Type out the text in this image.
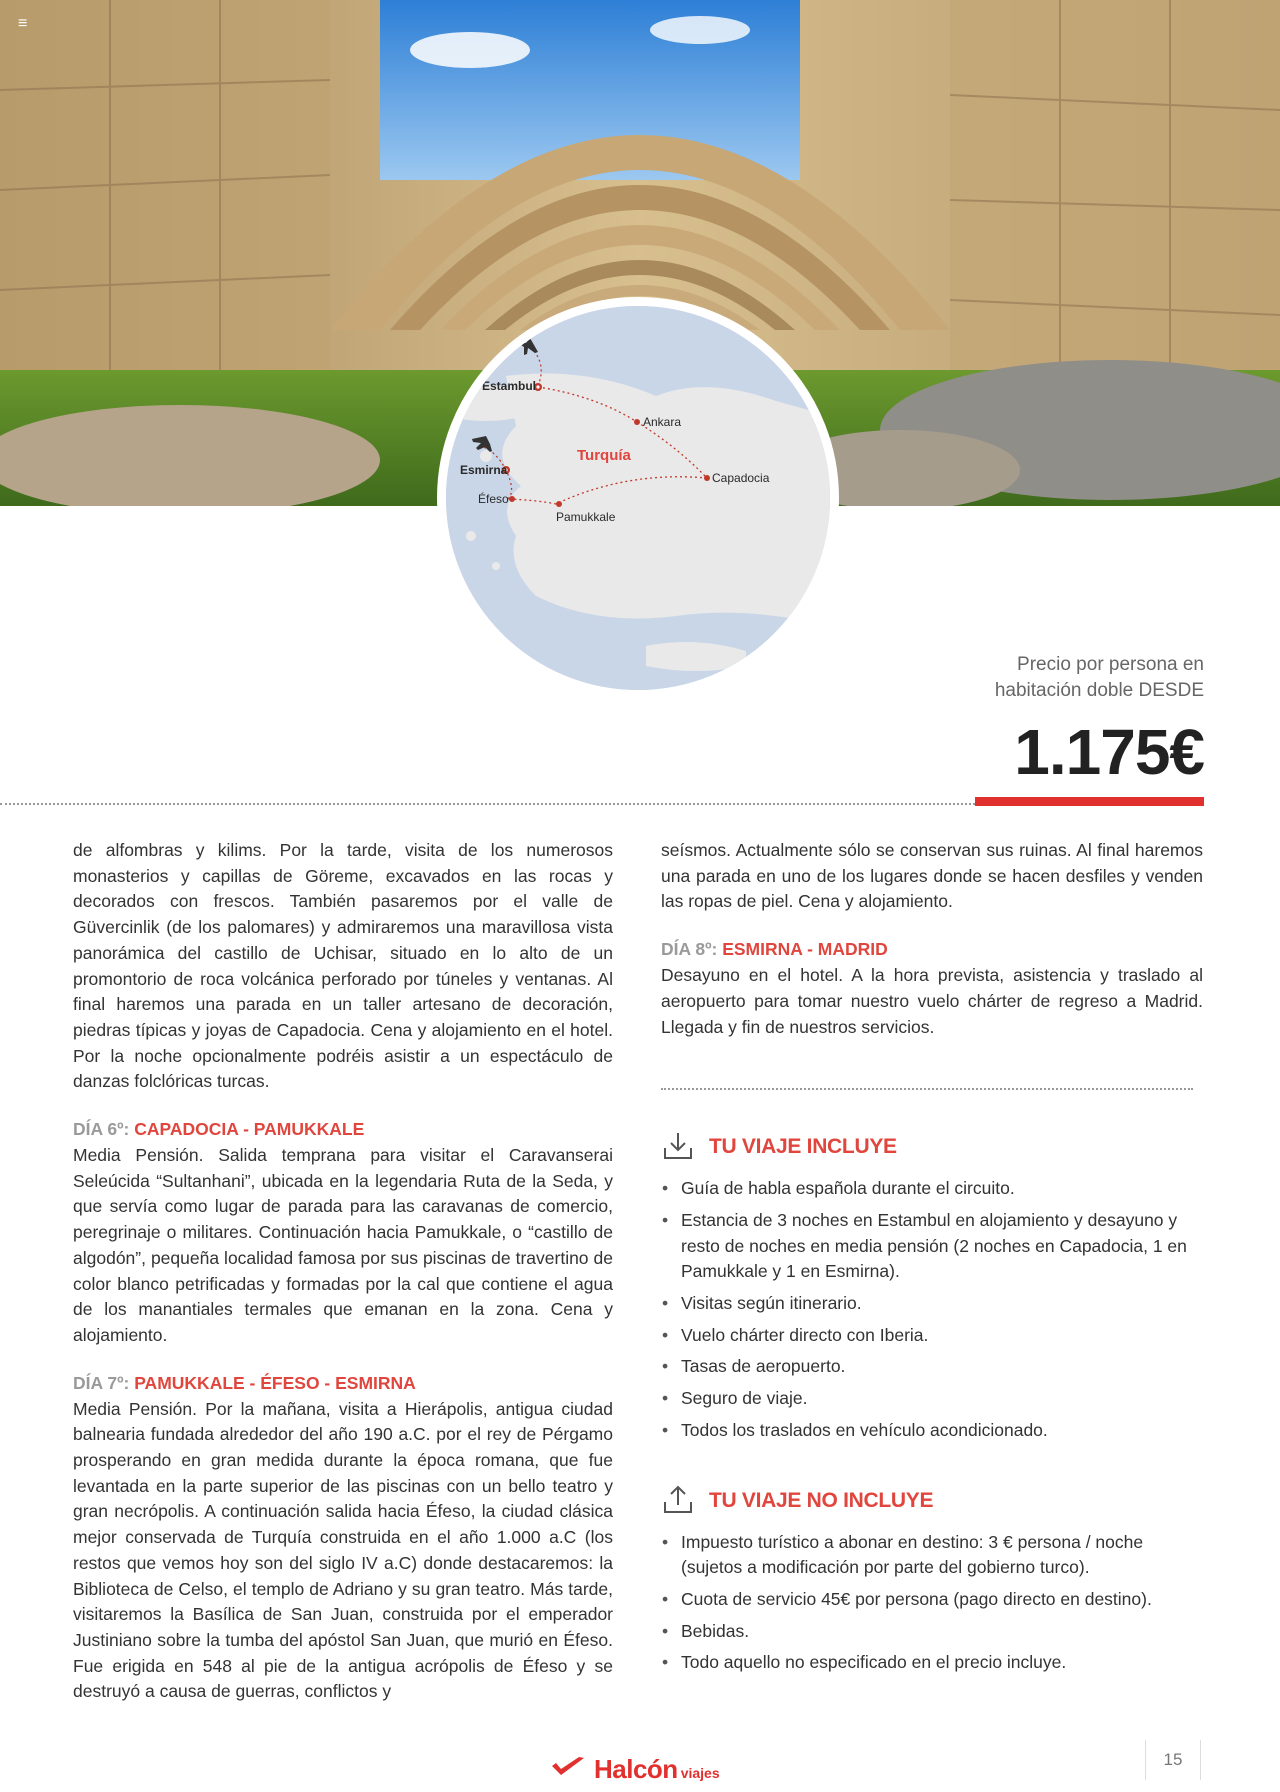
≡
Estambul
Ankara
Turquía
Capadocia
Esmirna
Éfeso
Pamukkale
Precio por persona en
habitación doble DESDE
1.175€

de alfombras y kilims. Por la tarde, visita de los numerosos monasterios y capillas de Göreme, excavados en las rocas y decorados con frescos. También pasaremos por el valle de Güvercinlik (de los palomares) y admiraremos una maravillosa vista panorámica del castillo de Uchisar, situado en lo alto de un promontorio de roca volcánica perforado por túneles y ventanas. Al final haremos una parada en un taller artesano de decoración, piedras típicas y joyas de Capadocia. Cena y alojamiento en el hotel. Por la noche opcionalmente podréis asistir a un espectáculo de danzas folclóricas turcas.

DÍA 6º: CAPADOCIA - PAMUKKALE

Media Pensión. Salida temprana para visitar el Caravanserai Seleúcida “Sultanhani”, ubicada en la legendaria Ruta de la Seda, y que servía como lugar de parada para las caravanas de comercio, peregrinaje o militares. Continuación hacia Pamukkale, o “castillo de algodón”, pequeña localidad famosa por sus piscinas de travertino de color blanco petrificadas y formadas por la cal que contiene el agua de los manantiales termales que emanan en la zona. Cena y alojamiento.

DÍA 7º: PAMUKKALE - ÉFESO - ESMIRNA

Media Pensión. Por la mañana, visita a Hierápolis, antigua ciudad balnearia fundada alrededor del año 190 a.C. por el rey de Pérgamo prosperando en gran medida durante la época romana, que fue levantada en la parte superior de las piscinas con un bello teatro y gran necrópolis. A continuación salida hacia Éfeso, la ciudad clásica mejor conservada de Turquía construida en el año 1.000 a.C (los restos que vemos hoy son del siglo IV a.C) donde destacaremos: la Biblioteca de Celso, el templo de Adriano y su gran teatro. Más tarde, visitaremos la Basílica de San Juan, construida por el emperador Justiniano sobre la tumba del apóstol San Juan, que murió en Éfeso. Fue erigida en 548 al pie de la antigua acrópolis de Éfeso y se destruyó a causa de guerras, conflictos y

seísmos. Actualmente sólo se conservan sus ruinas. Al final haremos una parada en uno de los lugares donde se hacen desfiles y venden las ropas de piel. Cena y alojamiento.

DÍA 8º: ESMIRNA - MADRID

Desayuno en el hotel. A la hora prevista, asistencia y traslado al aeropuerto para tomar nuestro vuelo chárter de regreso a Madrid. Llegada y fin de nuestros servicios.

TU VIAJE INCLUYE
• Guía de habla española durante el circuito.
• Estancia de 3 noches en Estambul en alojamiento y desayuno y resto de noches en media pensión (2 noches en Capadocia, 1 en Pamukkale y 1 en Esmirna).
• Visitas según itinerario.
• Vuelo chárter directo con Iberia.
• Tasas de aeropuerto.
• Seguro de viaje.
• Todos los traslados en vehículo acondicionado.
TU VIAJE NO INCLUYE
• Impuesto turístico a abonar en destino: 3 € persona / noche (sujetos a modificación por parte del gobierno turco).
• Cuota de servicio 45€ por persona (pago directo en destino).
• Bebidas.
• Todo aquello no especificado en el precio incluye.
Halcón viajes
15
